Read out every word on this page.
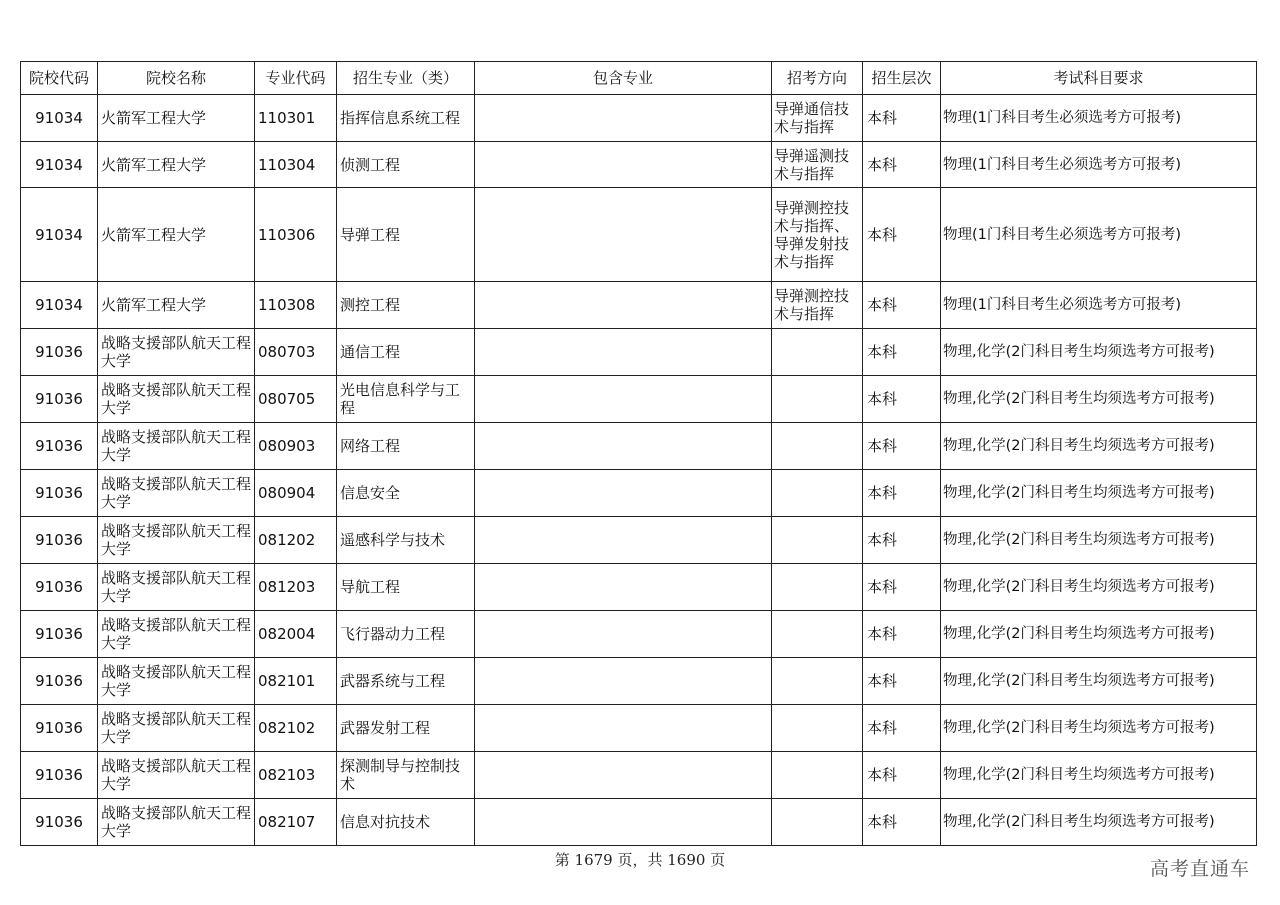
院校代码	院校名称	专业代码	招生专业（类）	包含专业	招考方向	招生层次	考试科目要求
91034	火箭军工程大学	110301	指挥信息系统工程		导弹通信技术与指挥	本科	物理(1门科目考生必须选考方可报考)
91034	火箭军工程大学	110304	侦测工程		导弹遥测技术与指挥	本科	物理(1门科目考生必须选考方可报考)
91034	火箭军工程大学	110306	导弹工程		导弹测控技术与指挥、导弹发射技术与指挥	本科	物理(1门科目考生必须选考方可报考)
91034	火箭军工程大学	110308	测控工程		导弹测控技术与指挥	本科	物理(1门科目考生必须选考方可报考)
91036	战略支援部队航天工程大学	080703	通信工程			本科	物理,化学(2门科目考生均须选考方可报考)
91036	战略支援部队航天工程大学	080705	光电信息科学与工程			本科	物理,化学(2门科目考生均须选考方可报考)
91036	战略支援部队航天工程大学	080903	网络工程			本科	物理,化学(2门科目考生均须选考方可报考)
91036	战略支援部队航天工程大学	080904	信息安全			本科	物理,化学(2门科目考生均须选考方可报考)
91036	战略支援部队航天工程大学	081202	遥感科学与技术			本科	物理,化学(2门科目考生均须选考方可报考)
91036	战略支援部队航天工程大学	081203	导航工程			本科	物理,化学(2门科目考生均须选考方可报考)
91036	战略支援部队航天工程大学	082004	飞行器动力工程			本科	物理,化学(2门科目考生均须选考方可报考)
91036	战略支援部队航天工程大学	082101	武器系统与工程			本科	物理,化学(2门科目考生均须选考方可报考)
91036	战略支援部队航天工程大学	082102	武器发射工程			本科	物理,化学(2门科目考生均须选考方可报考)
91036	战略支援部队航天工程大学	082103	探测制导与控制技术			本科	物理,化学(2门科目考生均须选考方可报考)
91036	战略支援部队航天工程大学	082107	信息对抗技术			本科	物理,化学(2门科目考生均须选考方可报考)
第 1679 页，共 1690 页	高考直通车
